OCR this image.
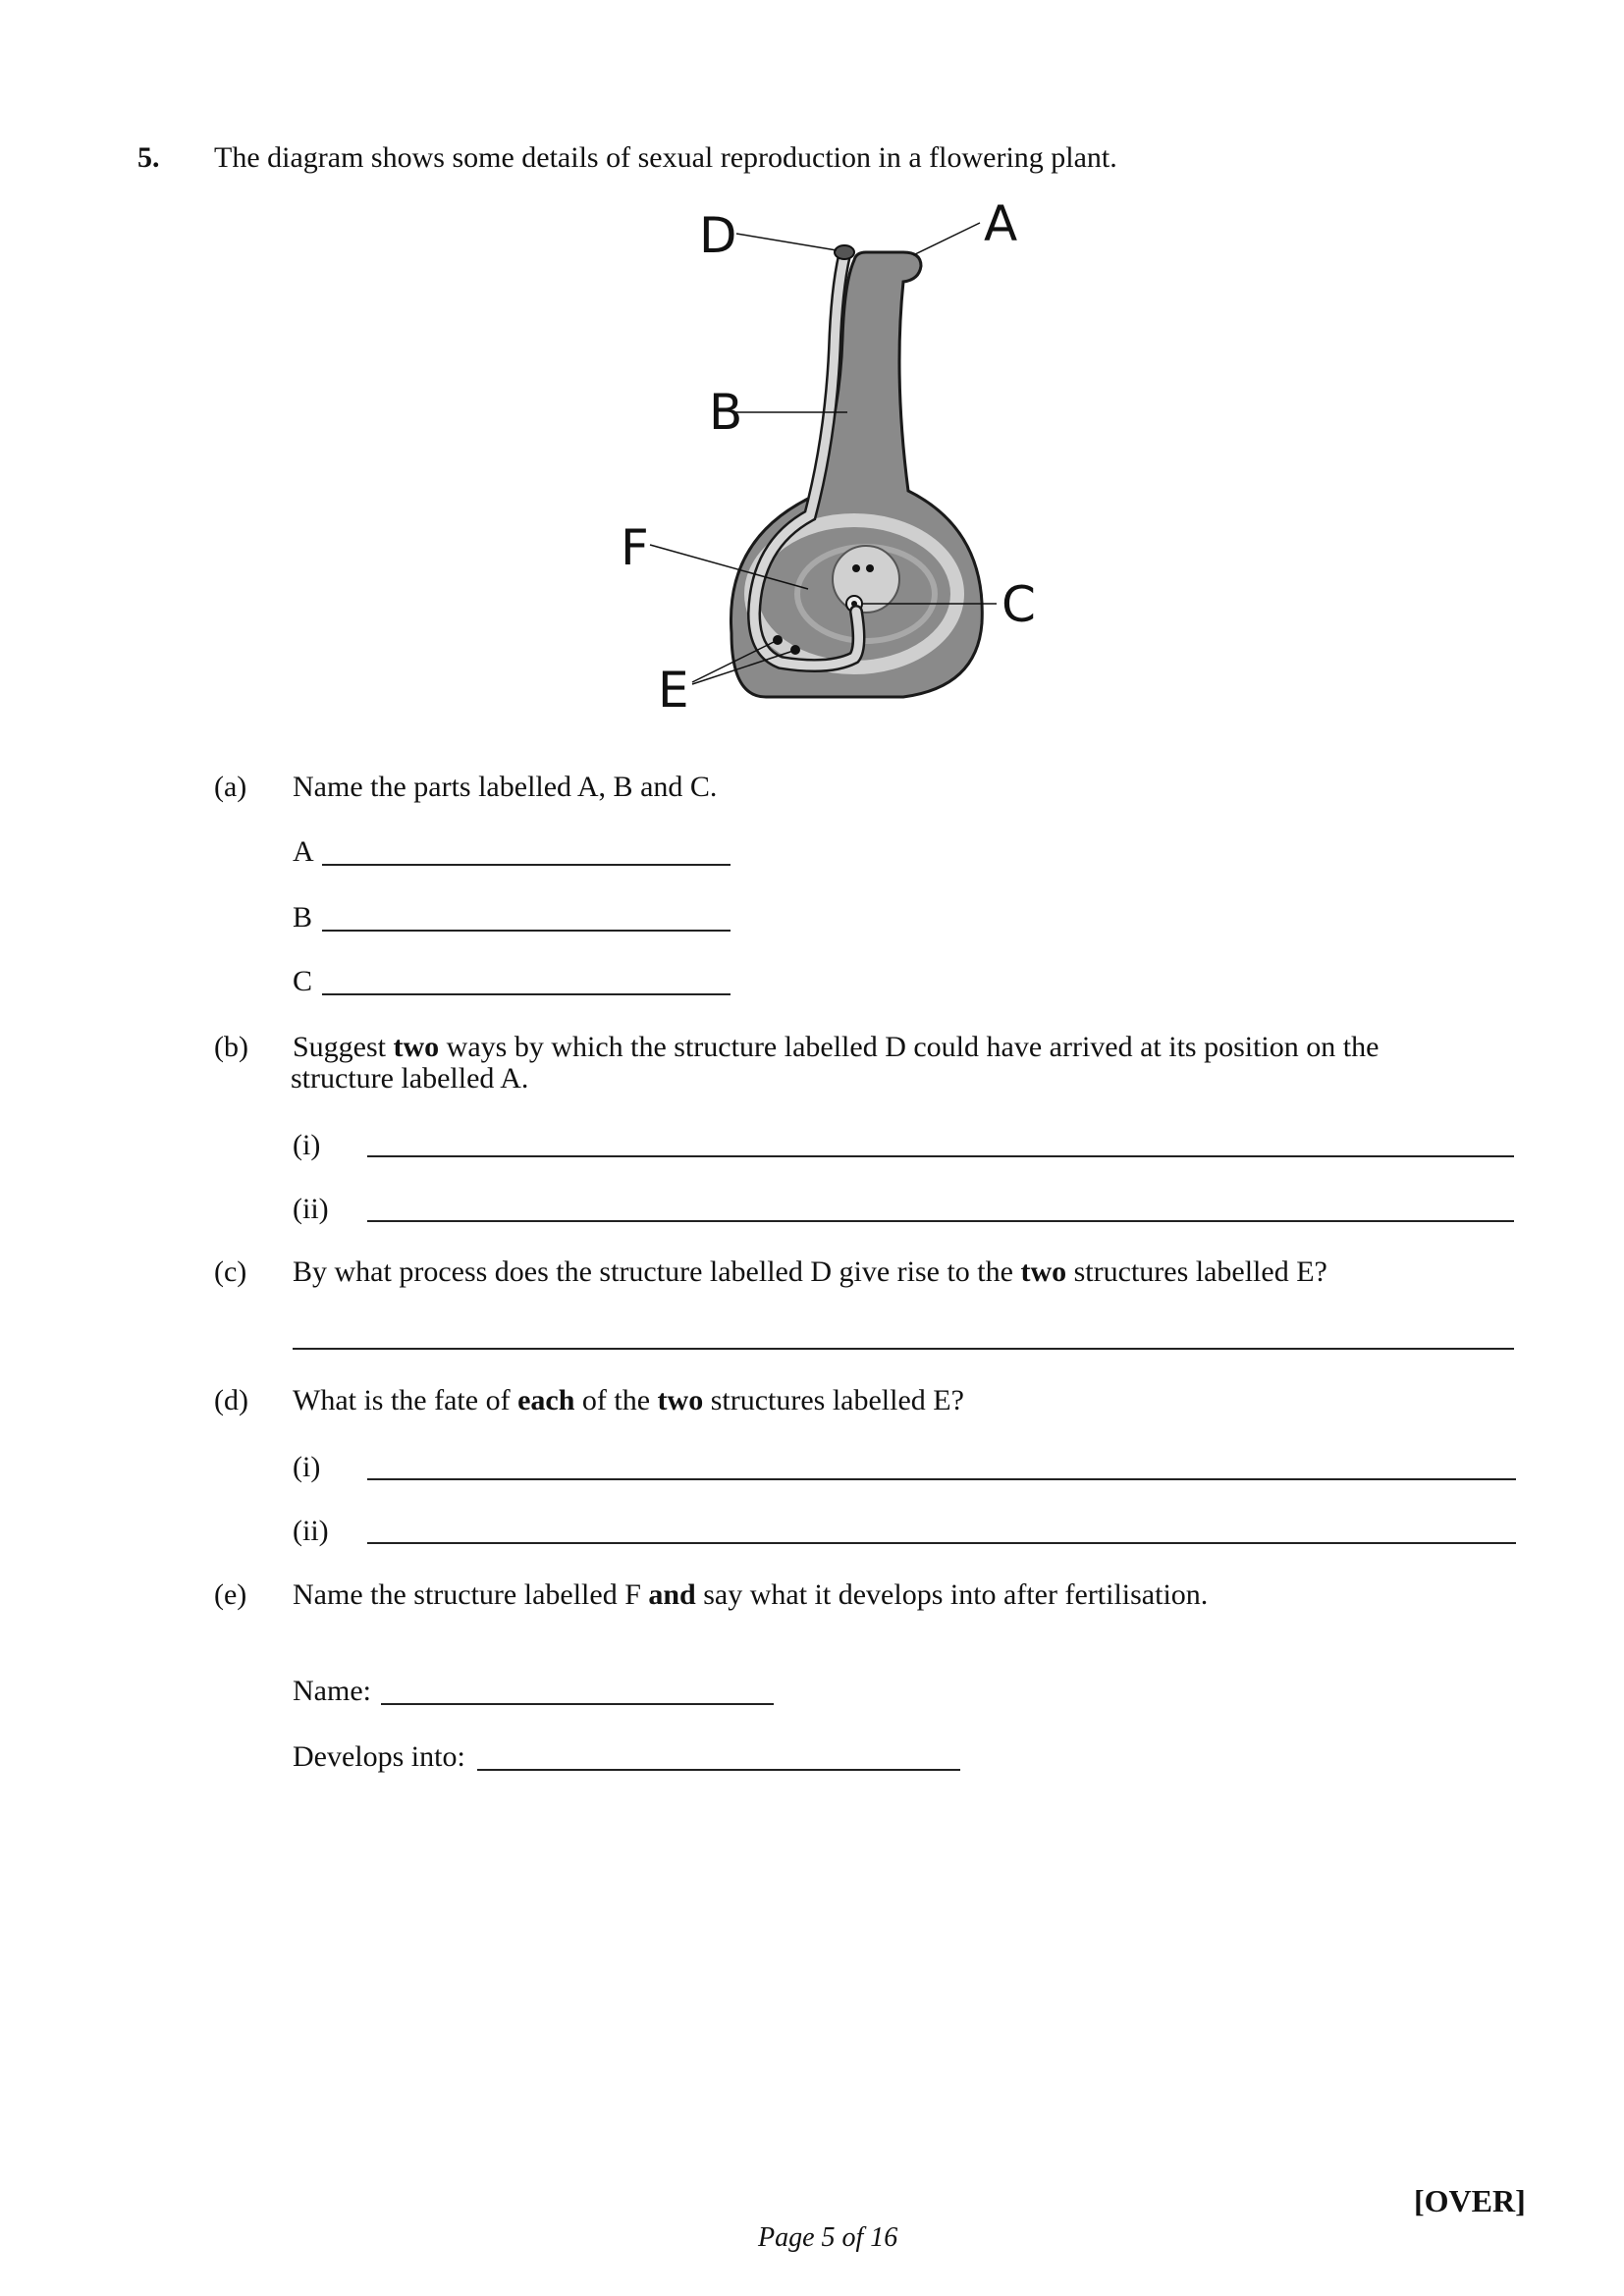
5. The diagram shows some details of sexual reproduction in a flowering plant.
D	A
B
F
C
E
(a) Name the parts labelled A, B and C.
A
B
C
(b) Suggest two ways by which the structure labelled D could have arrived at its position on the
structure labelled A.
(i)
(ii)
(c) By what process does the structure labelled D give rise to the two structures labelled E?
(d) What is the fate of each of the two structures labelled E?
(i)
(ii)
(e) Name the structure labelled F and say what it develops into after fertilisation.
Name:
Develops into:
[OVER]
Page 5 of 16
